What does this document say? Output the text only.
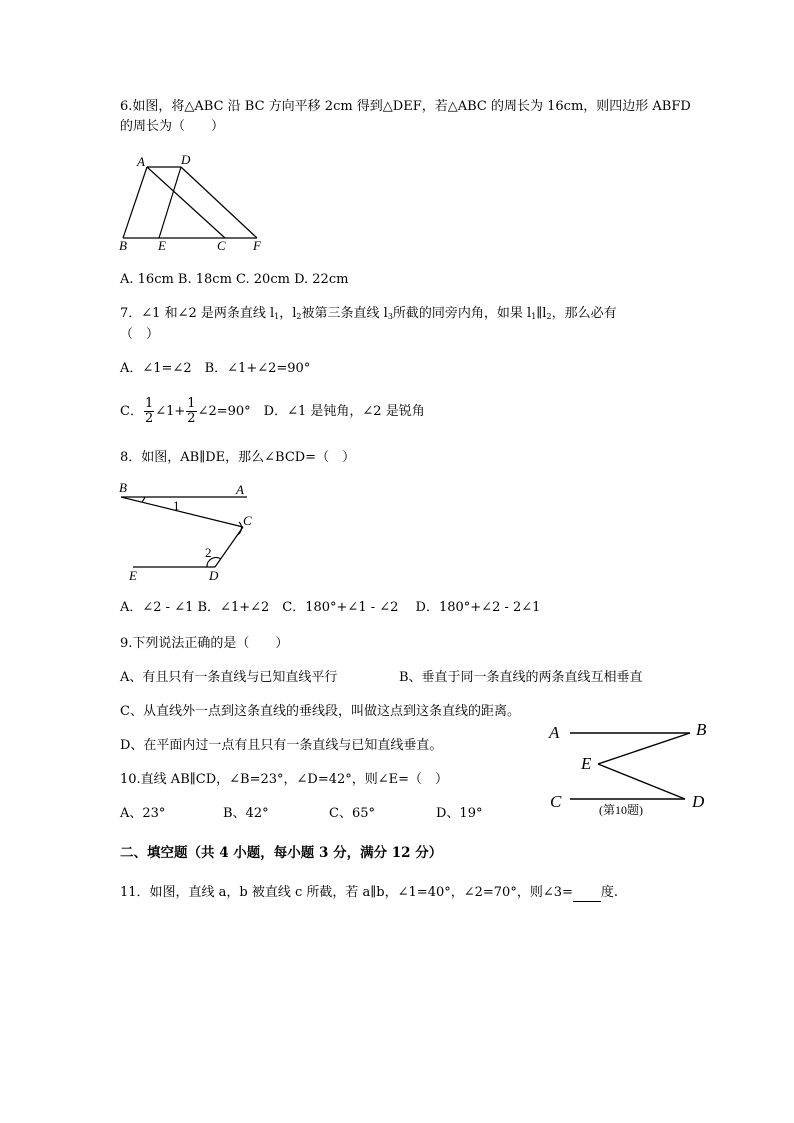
6.如图，将△ABC 沿 BC 方向平移 2cm 得到△DEF，若△ABC 的周长为 16cm，则四边形 ABFD
的周长为（　　）
A	D
B E	C F
A. 16cm B. 18cm C. 20cm D. 22cm
7．∠1 和∠2 是两条直线 $l_1$，$l_2$被第三条直线 $l_3$所截的同旁内角，如果 $l_1\parallel l_2$，那么必有
（　）
A．∠1=∠2　B．∠1+∠2=90°
C． $\frac{1}{2}$ ∠1+ $\frac{1}{2}$ ∠2=90°　D．∠1 是钝角，∠2 是锐角
8．如图，AB∥DE，那么∠BCD=（　）
B	A
1
C
2
E	D
A．∠2 - ∠1 B．∠1+∠2　C．180°+∠1 - ∠2　 D．180°+∠2 - 2∠1
9.下列说法正确的是（　　）
A、有且只有一条直线与已知直线平行	B、垂直于同一条直线的两条直线互相垂直
C、从直线外一点到这条直线的垂线段，叫做这点到这条直线的距离。
D、在平面内过一点有且只有一条直线与已知直线垂直。
10.直线 AB∥CD，∠B=23°，∠D=42°，则∠E=（　）
A、23°	B、42°	C、65°	D、19°
A	B
E
C	D
(第10题)
二、填空题（共 4 小题，每小题 3 分，满分 12 分）
11．如图，直线 a，b 被直线 c 所截，若 a∥b，∠1=40°，∠2=70°，则∠3= 度.
